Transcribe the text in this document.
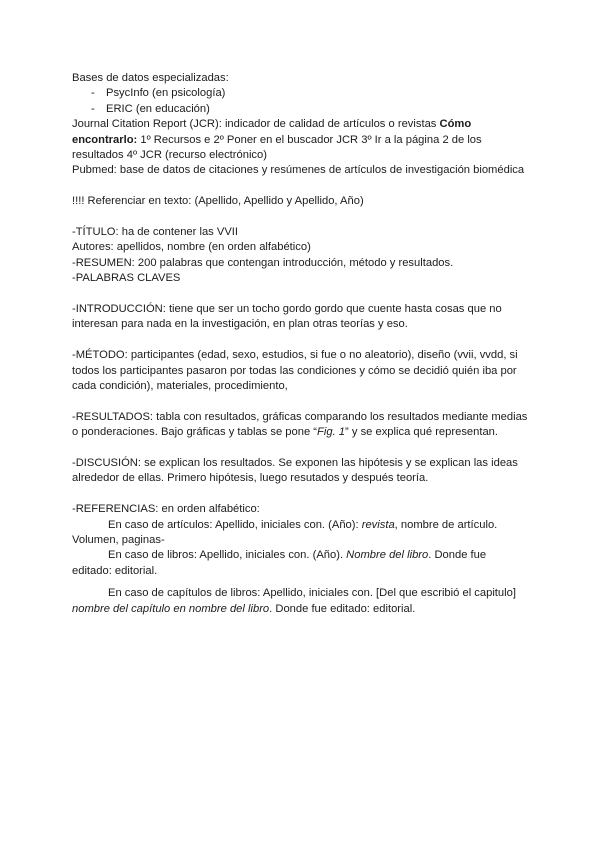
Bases de datos especializadas:
- PsycInfo (en psicología)
- ERIC (en educación)
Journal Citation Report (JCR): indicador de calidad de artículos o revistas Cómo encontrarlo: 1º Recursos e 2º Poner en el buscador JCR 3º Ir a la página 2 de los resultados 4º JCR (recurso electrónico)
Pubmed: base de datos de citaciones y resúmenes de artículos de investigación biomédica
!!!! Referenciar en texto: (Apellido, Apellido y Apellido, Año)
-TÍTULO: ha de contener las VVII
Autores: apellidos, nombre (en orden alfabético)
-RESUMEN: 200 palabras que contengan introducción, método y resultados.
-PALABRAS CLAVES
-INTRODUCCIÓN: tiene que ser un tocho gordo gordo que cuente hasta cosas que no interesan para nada en la investigación, en plan otras teorías y eso.
-MÉTODO: participantes (edad, sexo, estudios, si fue o no aleatorio), diseño (vvii, vvdd, si todos los participantes pasaron por todas las condiciones y cómo se decidió quién iba por cada condición), materiales, procedimiento,
-RESULTADOS: tabla con resultados, gráficas comparando los resultados mediante medias o ponderaciones. Bajo gráficas y tablas se pone “Fig. 1” y se explica qué representan.
-DISCUSIÓN: se explican los resultados. Se exponen las hipótesis y se explican las ideas alrededor de ellas. Primero hipótesis, luego resutados y después teoría.
-REFERENCIAS: en orden alfabético:
En caso de artículos: Apellido, iniciales con. (Año): revista, nombre de artículo. Volumen, paginas-
En caso de libros: Apellido, iniciales con. (Año). Nombre del libro. Donde fue editado: editorial.
En caso de capítulos de libros: Apellido, iniciales con. [Del que escribió el capitulo] nombre del capítulo en nombre del libro. Donde fue editado: editorial.
